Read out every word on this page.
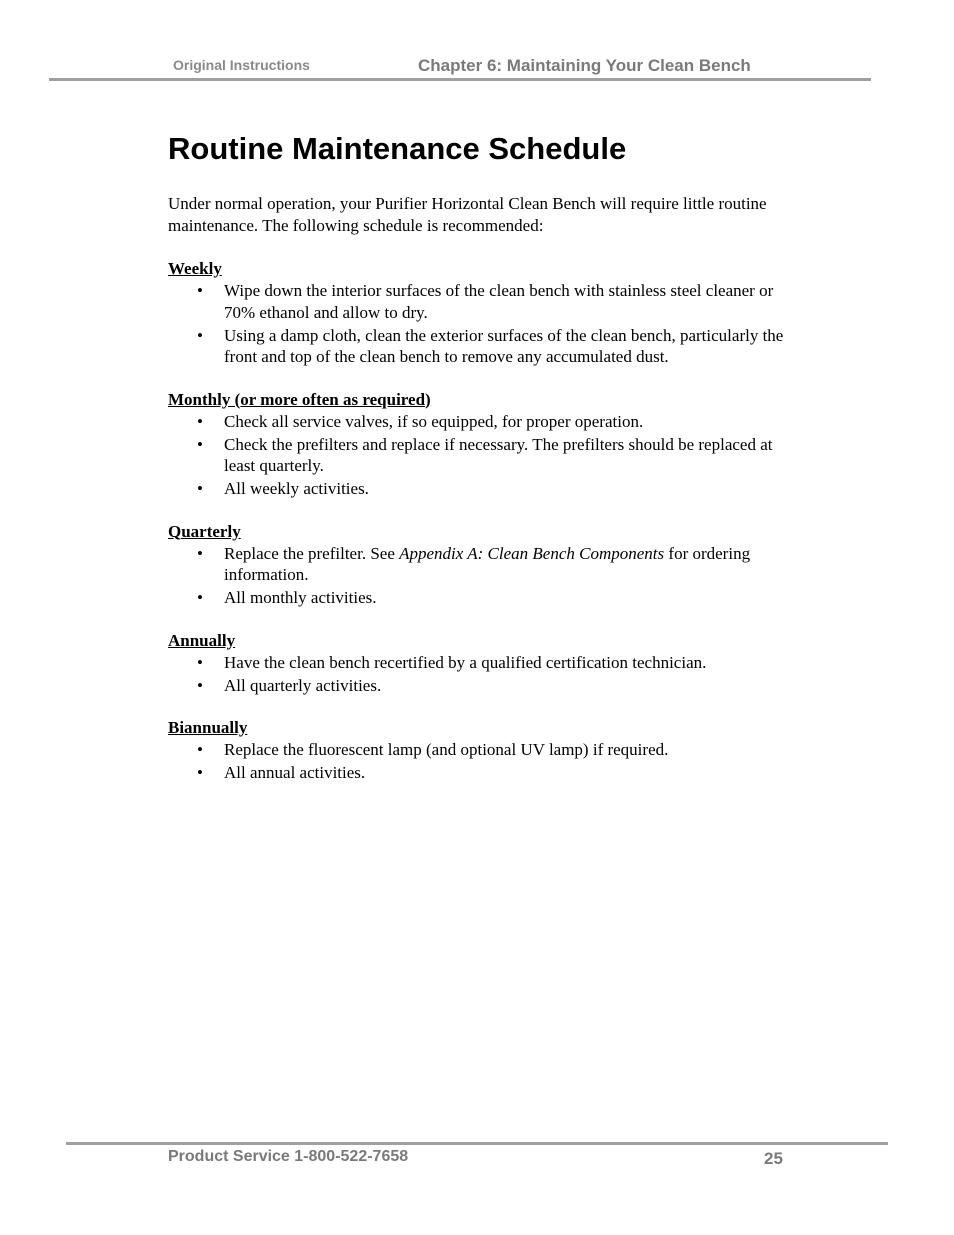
Original Instructions	Chapter 6: Maintaining Your Clean Bench
Routine Maintenance Schedule

Under normal operation, your Purifier Horizontal Clean Bench will require little routine maintenance. The following schedule is recommended:

Weekly

• Wipe down the interior surfaces of the clean bench with stainless steel cleaner or 70% ethanol and allow to dry.
• Using a damp cloth, clean the exterior surfaces of the clean bench, particularly the front and top of the clean bench to remove any accumulated dust.

Monthly (or more often as required)

• Check all service valves, if so equipped, for proper operation.
• Check the prefilters and replace if necessary. The prefilters should be replaced at least quarterly.
• All weekly activities.

Quarterly

• Replace the prefilter. See Appendix A: Clean Bench Components for ordering information.
• All monthly activities.

Annually

• Have the clean bench recertified by a qualified certification technician.
• All quarterly activities.

Biannually

• Replace the fluorescent lamp (and optional UV lamp) if required.
• All annual activities.
Product Service 1-800-522-7658	25
